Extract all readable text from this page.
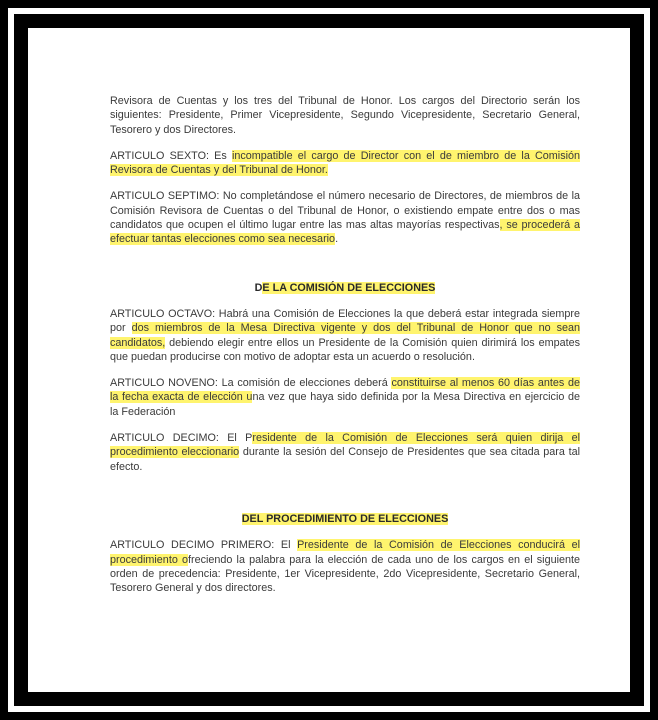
Revisora de Cuentas y los tres del Tribunal de Honor. Los cargos del Directorio serán los siguientes: Presidente, Primer Vicepresidente, Segundo Vicepresidente, Secretario General, Tesorero y dos Directores.

ARTICULO SEXTO: Es incompatible el cargo de Director con el de miembro de la Comisión Revisora de Cuentas y del Tribunal de Honor.

ARTICULO SEPTIMO: No completándose el número necesario de Directores, de miembros de la Comisión Revisora de Cuentas o del Tribunal de Honor, o existiendo empate entre dos o mas candidatos que ocupen el último lugar entre las mas altas mayorías respectivas, se procederá a efectuar tantas elecciones como sea necesario.

DE LA COMISIÓN DE ELECCIONES

ARTICULO OCTAVO: Habrá una Comisión de Elecciones la que deberá estar integrada siempre por dos miembros de la Mesa Directiva vigente y dos del Tribunal de Honor que no sean candidatos, debiendo elegir entre ellos un Presidente de la Comisión quien dirimirá los empates que puedan producirse con motivo de adoptar esta un acuerdo o resolución.

ARTICULO NOVENO: La comisión de elecciones deberá constituirse al menos 60 días antes de la fecha exacta de elección una vez que haya sido definida por la Mesa Directiva en ejercicio de la Federación

ARTICULO DECIMO: El Presidente de la Comisión de Elecciones será quien dirija el procedimiento eleccionario durante la sesión del Consejo de Presidentes que sea citada para tal efecto.

DEL PROCEDIMIENTO DE ELECCIONES

ARTICULO DECIMO PRIMERO: El Presidente de la Comisión de Elecciones conducirá el procedimiento ofreciendo la palabra para la elección de cada uno de los cargos en el siguiente orden de precedencia: Presidente, 1er Vicepresidente, 2do Vicepresidente, Secretario General, Tesorero General y dos directores.
